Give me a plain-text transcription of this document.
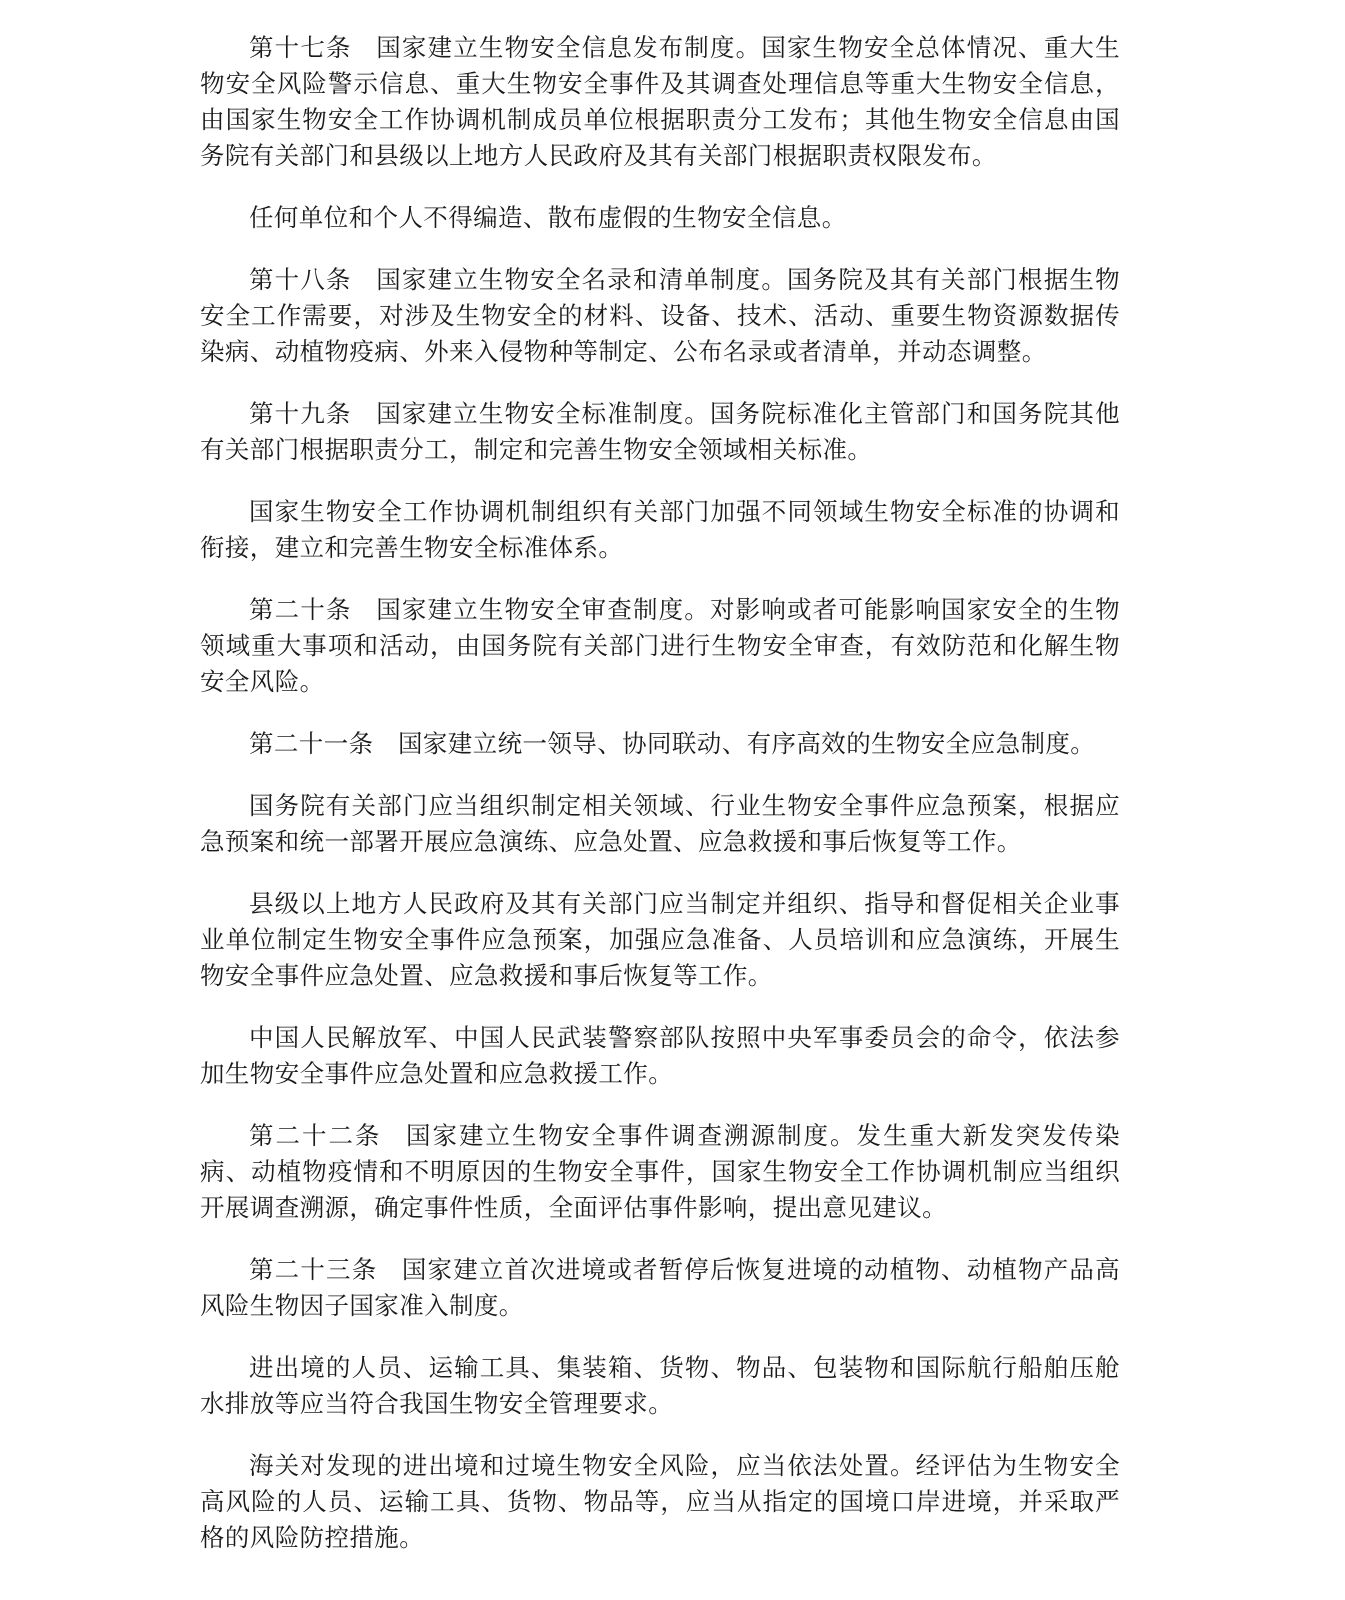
第十七条 国家建立生物安全信息发布制度。国家生物安全总体情况、重大生物安全风险警示信息、重大生物安全事件及其调查处理信息等重大生物安全信息，由国家生物安全工作协调机制成员单位根据职责分工发布；其他生物安全信息由国务院有关部门和县级以上地方人民政府及其有关部门根据职责权限发布。

任何单位和个人不得编造、散布虚假的生物安全信息。

第十八条 国家建立生物安全名录和清单制度。国务院及其有关部门根据生物安全工作需要，对涉及生物安全的材料、设备、技术、活动、重要生物资源数据传染病、动植物疫病、外来入侵物种等制定、公布名录或者清单，并动态调整。

第十九条 国家建立生物安全标准制度。国务院标准化主管部门和国务院其他有关部门根据职责分工，制定和完善生物安全领域相关标准。

国家生物安全工作协调机制组织有关部门加强不同领域生物安全标准的协调和衔接，建立和完善生物安全标准体系。

第二十条 国家建立生物安全审查制度。对影响或者可能影响国家安全的生物领域重大事项和活动，由国务院有关部门进行生物安全审查，有效防范和化解生物安全风险。

第二十一条 国家建立统一领导、协同联动、有序高效的生物安全应急制度。

国务院有关部门应当组织制定相关领域、行业生物安全事件应急预案，根据应急预案和统一部署开展应急演练、应急处置、应急救援和事后恢复等工作。

县级以上地方人民政府及其有关部门应当制定并组织、指导和督促相关企业事业单位制定生物安全事件应急预案，加强应急准备、人员培训和应急演练，开展生物安全事件应急处置、应急救援和事后恢复等工作。

中国人民解放军、中国人民武装警察部队按照中央军事委员会的命令，依法参加生物安全事件应急处置和应急救援工作。

第二十二条 国家建立生物安全事件调查溯源制度。发生重大新发突发传染病、动植物疫情和不明原因的生物安全事件，国家生物安全工作协调机制应当组织开展调查溯源，确定事件性质，全面评估事件影响，提出意见建议。

第二十三条 国家建立首次进境或者暂停后恢复进境的动植物、动植物产品高风险生物因子国家准入制度。

进出境的人员、运输工具、集装箱、货物、物品、包装物和国际航行船舶压舱水排放等应当符合我国生物安全管理要求。

海关对发现的进出境和过境生物安全风险，应当依法处置。经评估为生物安全高风险的人员、运输工具、货物、物品等，应当从指定的国境口岸进境，并采取严格的风险防控措施。
